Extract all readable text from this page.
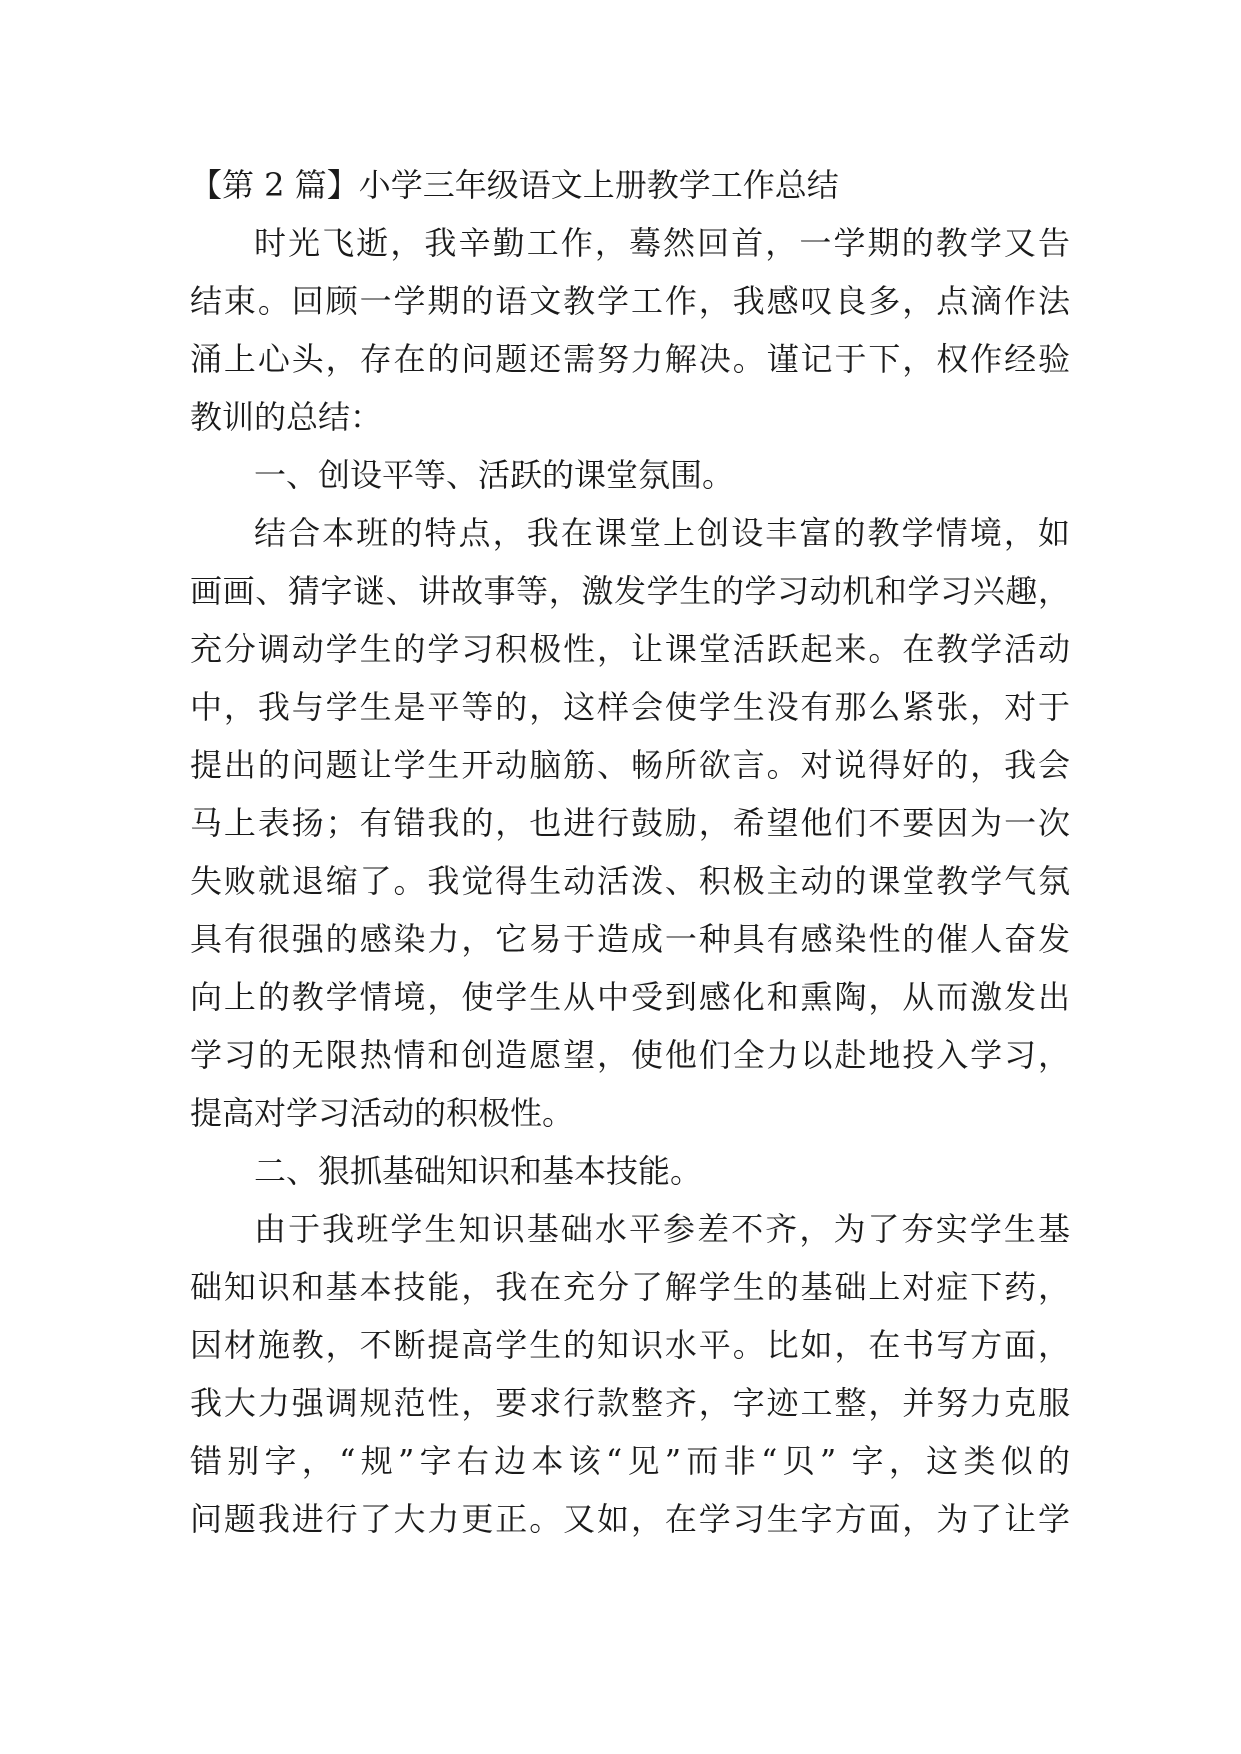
【第 2 篇】小学三年级语文上册教学工作总结
时光飞逝，我辛勤工作，蓦然回首，一学期的教学又告
结束。回顾一学期的语文教学工作，我感叹良多，点滴作法
涌上心头，存在的问题还需努力解决。谨记于下，权作经验
教训的总结：
一、创设平等、活跃的课堂氛围。
结合本班的特点，我在课堂上创设丰富的教学情境，如
画画、猜字谜、讲故事等，激发学生的学习动机和学习兴趣，
充分调动学生的学习积极性，让课堂活跃起来。在教学活动
中，我与学生是平等的，这样会使学生没有那么紧张，对于
提出的问题让学生开动脑筋、畅所欲言。对说得好的，我会
马上表扬；有错我的，也进行鼓励，希望他们不要因为一次
失败就退缩了。我觉得生动活泼、积极主动的课堂教学气氛
具有很强的感染力，它易于造成一种具有感染性的催人奋发
向上的教学情境，使学生从中受到感化和熏陶，从而激发出
学习的无限热情和创造愿望，使他们全力以赴地投入学习，
提高对学习活动的积极性。
二、狠抓基础知识和基本技能。
由于我班学生知识基础水平参差不齐，为了夯实学生基
础知识和基本技能，我在充分了解学生的基础上对症下药，
因材施教，不断提高学生的知识水平。比如，在书写方面，
我大力强调规范性，要求行款整齐，字迹工整，并努力克服
错别字，“规”字右边本该“见”而非“贝” 字，这类似的
问题我进行了大力更正。又如，在学习生字方面，为了让学
